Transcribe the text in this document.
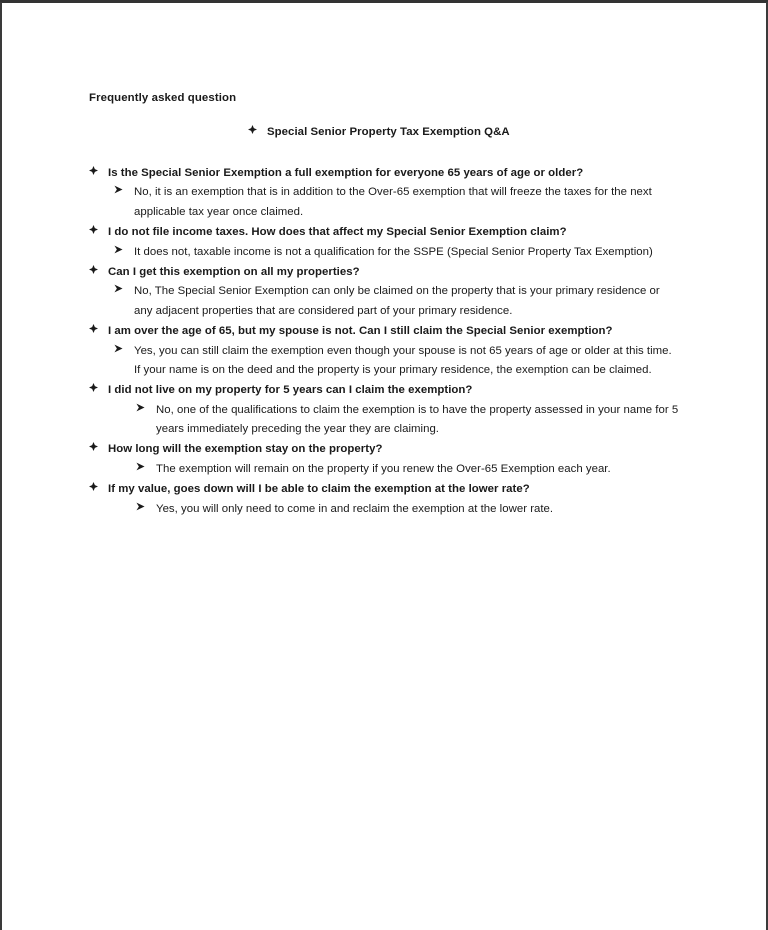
Frequently asked question
Special Senior Property Tax Exemption Q&A
Is the Special Senior Exemption a full exemption for everyone 65 years of age or older?
No, it is an exemption that is in addition to the Over-65 exemption that will freeze the taxes for the next applicable tax year once claimed.
I do not file income taxes. How does that affect my Special Senior Exemption claim?
It does not, taxable income is not a qualification for the SSPE (Special Senior Property Tax Exemption)
Can I get this exemption on all my properties?
No, The Special Senior Exemption can only be claimed on the property that is your primary residence or any adjacent properties that are considered part of your primary residence.
I am over the age of 65, but my spouse is not. Can I still claim the Special Senior exemption?
Yes, you can still claim the exemption even though your spouse is not 65 years of age or older at this time. If your name is on the deed and the property is your primary residence, the exemption can be claimed.
I did not live on my property for 5 years can I claim the exemption?
No, one of the qualifications to claim the exemption is to have the property assessed in your name for 5 years immediately preceding the year they are claiming.
How long will the exemption stay on the property?
The exemption will remain on the property if you renew the Over-65 Exemption each year.
If my value, goes down will I be able to claim the exemption at the lower rate?
Yes, you will only need to come in and reclaim the exemption at the lower rate.
